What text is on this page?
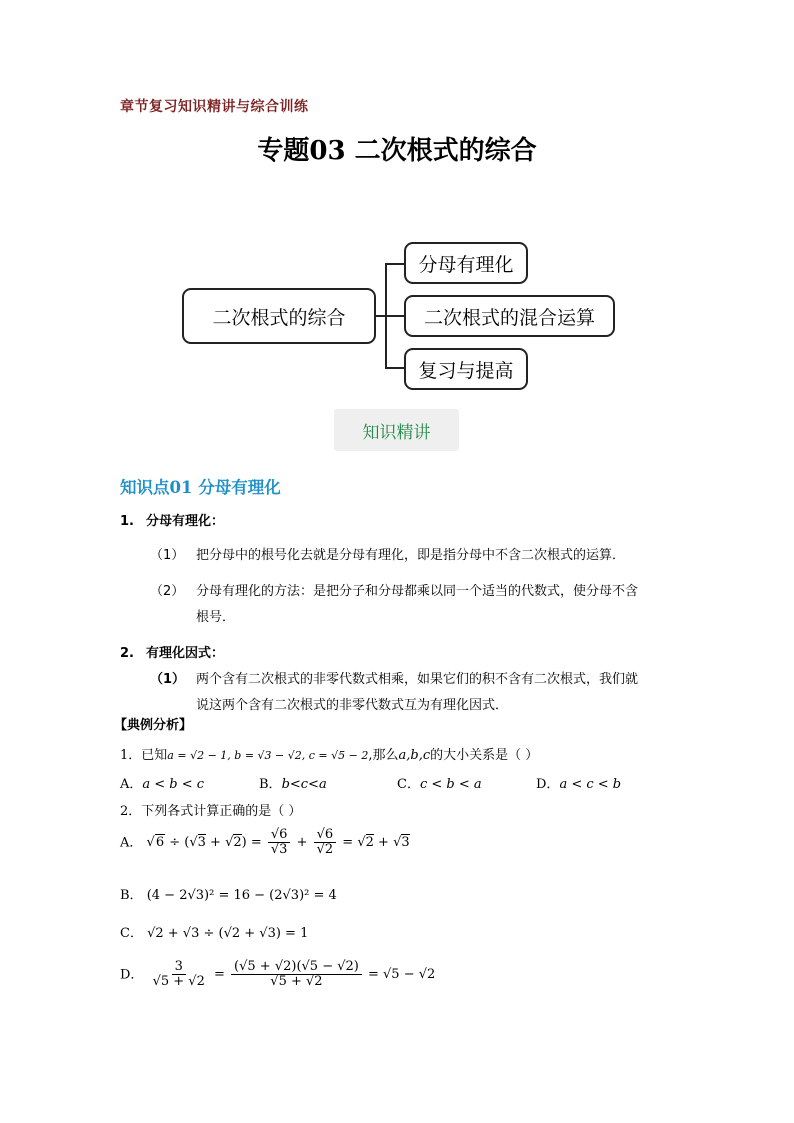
章节复习知识精讲与综合训练
专题03 二次根式的综合
二次根式的综合
分母有理化
二次根式的混合运算
复习与提高
知识精讲
知识点01 分母有理化
1. 分母有理化：
（1） 把分母中的根号化去就是分母有理化，即是指分母中不含二次根式的运算．
（2） 分母有理化的方法：是把分子和分母都乘以同一个适当的代数式，使分母不含
根号．
2. 有理化因式：
（1） 两个含有二次根式的非零代数式相乘，如果它们的积不含有二次根式，我们就
说这两个含有二次根式的非零代数式互为有理化因式．
【典例分析】
1．已知a = √2 − 1, b = √3 − √2, c = √5 − 2,那么a,b,c的大小关系是（ ）
A．a < b < c	B．b<c<a	C．c < b < a	D．a < c < b
2．下列各式计算正确的是（ ）
A． $√6 \div (√3 + √2) = \frac{√6}{√3} + \frac{√6}{√2} = √2 + √3$
B． (4 − 2√3)² = 16 − (2√3)² = 4
C． √2 + √3 ÷ (√2 + √3) = 1
D． $\frac{3}{√5 + √2} = \frac{(√5 + √2)(√5 - √2)}{√5 + √2} = √5 - √2$
